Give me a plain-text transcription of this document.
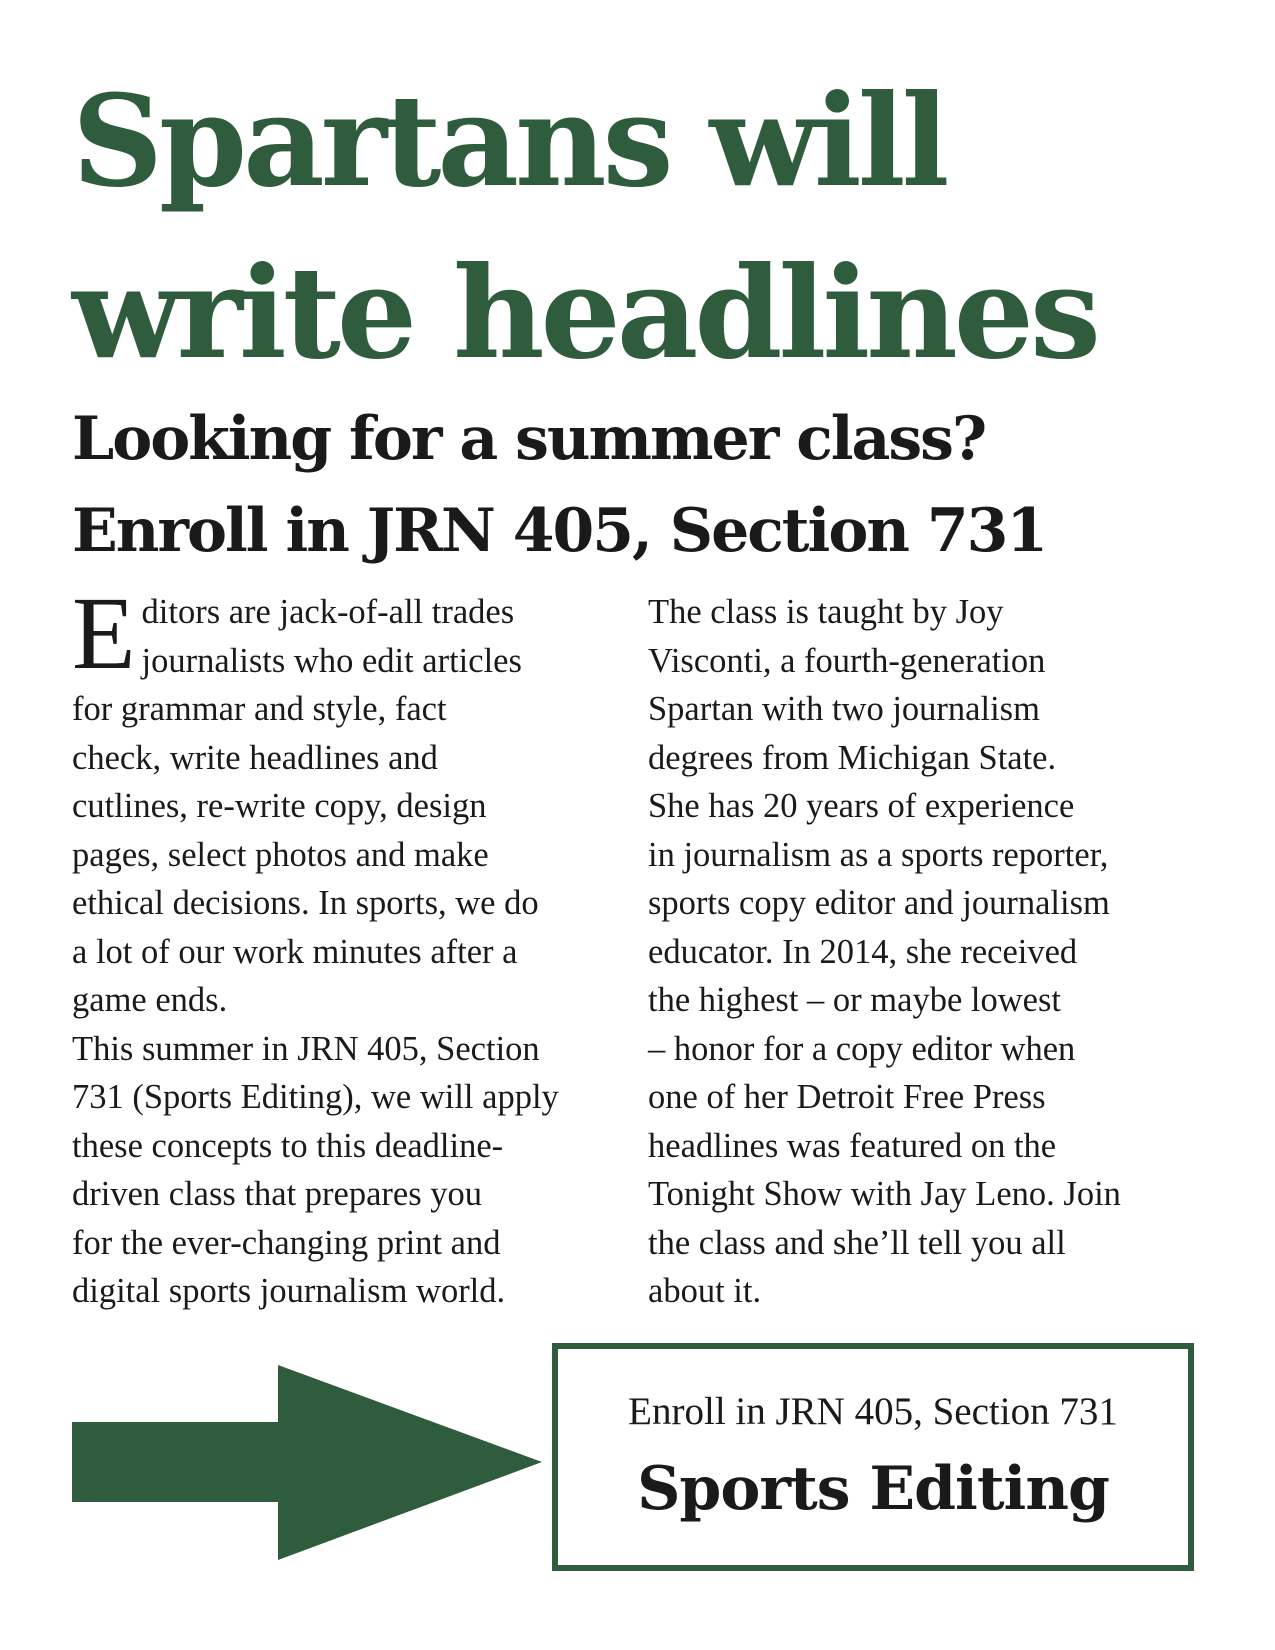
Spartans will
write headlines
Looking for a summer class?
Enroll in JRN 405, Section 731

E ditors are jack-of-all trades
journalists who edit articles
for grammar and style, fact
check, write headlines and
cutlines, re-write copy, design
pages, select photos and make
ethical decisions. In sports, we do
a lot of our work minutes after a
game ends.

This summer in JRN 405, Section
731 (Sports Editing), we will apply
these concepts to this deadline-
driven class that prepares you
for the ever-changing print and
digital sports journalism world.

The class is taught by Joy
Visconti, a fourth-generation
Spartan with two journalism
degrees from Michigan State.
She has 20 years of experience
in journalism as a sports reporter,
sports copy editor and journalism
educator. In 2014, she received
the highest – or maybe lowest
– honor for a copy editor when
one of her Detroit Free Press
headlines was featured on the
Tonight Show with Jay Leno. Join
the class and she’ll tell you all
about it.

Enroll in JRN 405, Section 731
Sports Editing
